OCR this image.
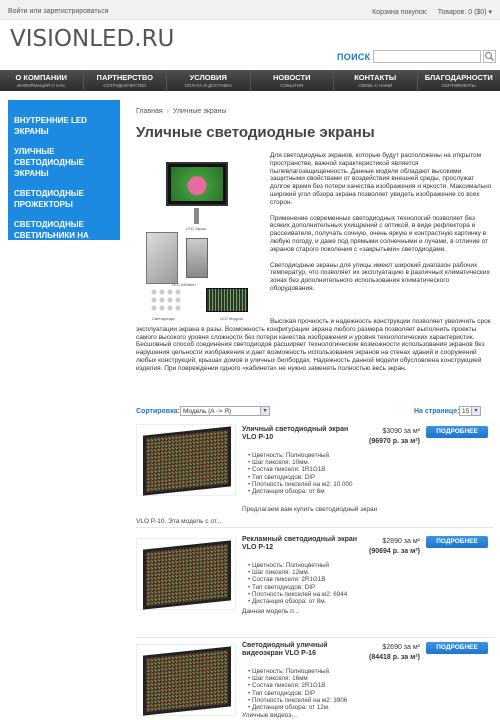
Войти или зарегистрироваться	Корзина покупок: Товаров: 0 ($0) ▾
VISIONLED.RU
ПОИСК
О КОМПАНИИ
ИНФОРМАЦИЯ О НАС
ПАРТНЕРСТВО
СОТРУДНИЧЕСТВО
УСЛОВИЯ
ОПЛАТА И ДОСТАВКА
НОВОСТИ
СОБЫТИЯ
КОНТАКТЫ
СВЯЗЬ С НАМИ
БЛАГОДАРНОСТИ
СЕРТИФИКАТЫ
ВНУТРЕННИЕ LED ЭКРАНЫ
УЛИЧНЫЕ СВЕТОДИОДНЫЕ ЭКРАНЫ
СВЕТОДИОДНЫЕ ПРОЖЕКТОРЫ
СВЕТОДИОДНЫЕ СВЕТИЛЬНИКИ НА ТРЕКАХ
Главная › Уличные экраны
Уличные светодиодные экраны
LED Экран
LED Кабинет
Светодиоды	LED Модуль

Для светодиодных экранов, которые будут расположены на открытом пространстве, важной характеристикой является пылевлагозащищенность. Данные модели обладают высокими защитными свойствами от воздействия внешней среды, прослужат долгое время без потери качества изображения и яркости. Максимально широкий угол обзора экрана позволяет увидеть изображение со всех сторон.

Применение современных светодиодных технологий позволяет без всяких дополнительных ухищрений с оптикой, в виде рефлектора и рассеивателя, получать сочную, очень яркую и контрастную картинку в любую погоду, и даже под прямыми солнечными и лучами, в отличие от экранов старого поколения с «закрытыми» светодиодами.

Светодиодные экраны для улицы имеют широкий диапазон рабочих температур, что позволяет их эксплуатацию в различных климатических зонах без дополнительного использования климатического оборудования.

Высокая прочность и надежность конструкции позволяет увеличить срок эксплуатации экрана в разы. Возможность конфигурации экрана любого размера позволяет выполнить проекты самого высокого уровня сложности без потери качества изображения и уровня технологических характеристик. Бесшовный способ соединения светодиодов расширяет технологические возможности использования экранов без нарушения цельности изображения и дает возможность использования экранов на стенах зданий и сооружений любых конструкций, крышах домов и уличных билбордах. Надежность данной модели обусловлена конструкцией изделия. При повреждении одного «кабинета» не нужно заменять полностью весь экран.
Сортировка: Модель (А -> Я)	▾	На странице: 15 ▾
Уличный светодиодный экран VLO P-10
$3090 за м²
(96970 р. за м²)
ПОДРОБНЕЕ
• Цветность: Полноцветный
• Шаг пикселя: 10мм.
• Состав пикселя: 1R1G1B
• Тип светодиодов: DIP
• Плотность пикселей на м2: 10 000
• Дистанция обзора: от 6м
Предлагаем вам купить светодиодный экран
VLO P-10. Эта модель с от...
Рекламный светодиодный экран VLO P-12
$2890 за м²
(90694 р. за м²)
ПОДРОБНЕЕ
• Цветность: Полноцветный
• Шаг пикселя: 12мм.
• Состав пикселя: 2R1G1B
• Тип светодиодов: DIP
• Плотность пикселей на м2: 6944
• Дистанция обзора: от 8м.
Данная модель п...
Светодиодный уличный видеоэкран VLO P-16
$2690 за м²
(84418 р. за м²)
ПОДРОБНЕЕ
• Цветность: Полноцветный
• Шаг пикселя: 16мм
• Состав пикселя: 2R1G1B
• Тип светодиодов: DIP
• Плотность пикселей на м2: 3906
• Дистанция обзора: от 12м.
Уличные видеоэ...
